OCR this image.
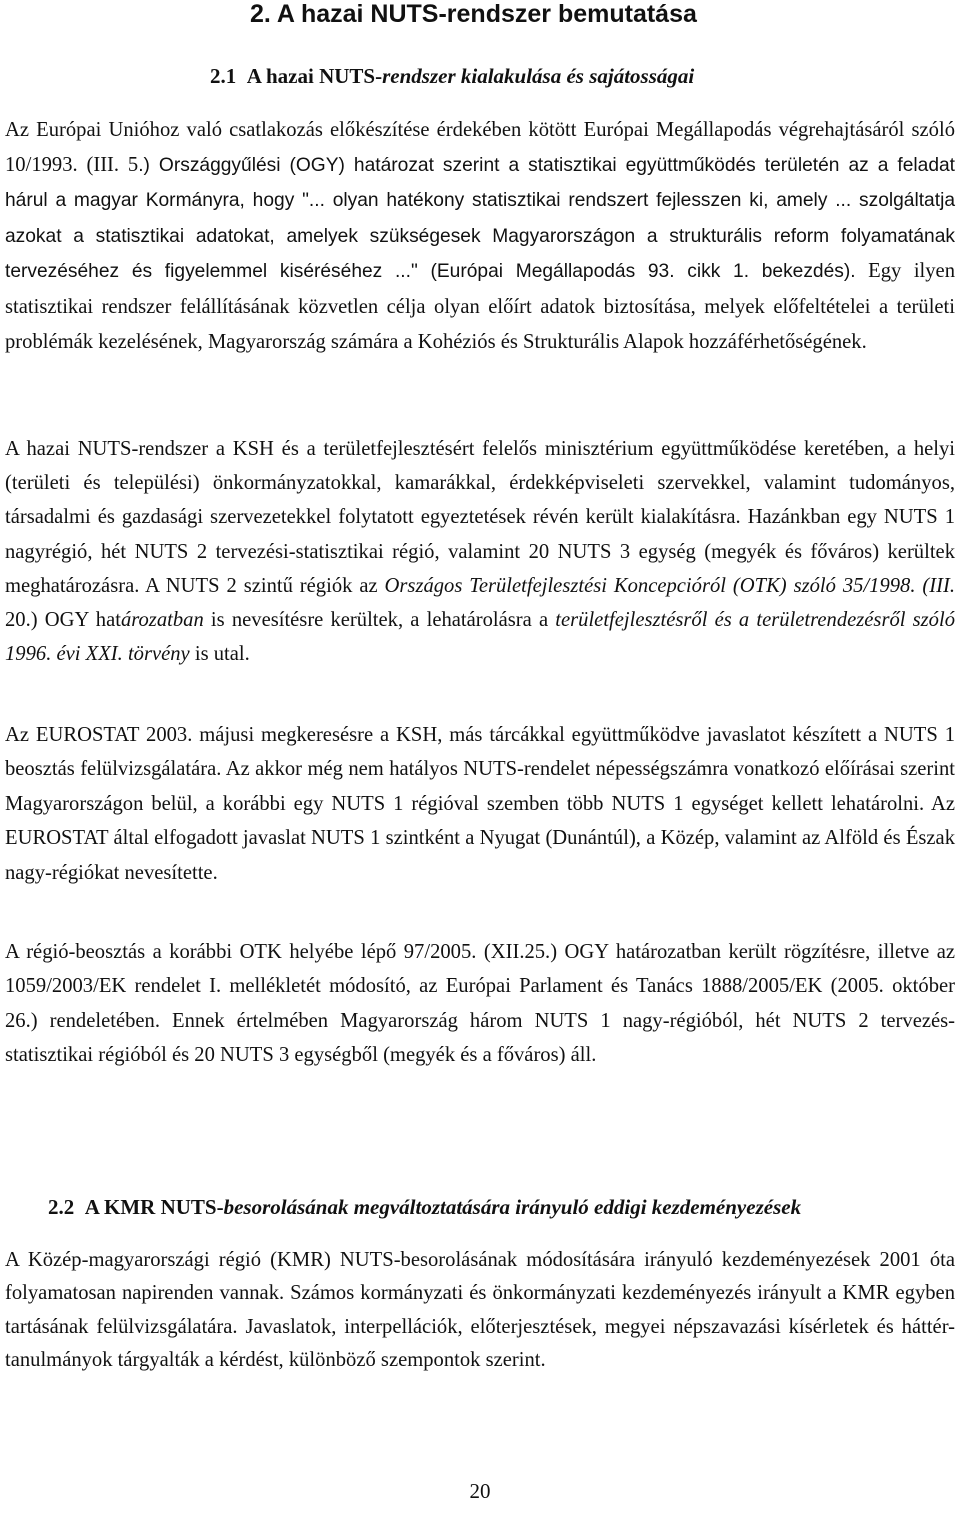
2. A hazai NUTS-rendszer bemutatása
2.1 A hazai NUTS-rendszer kialakulása és sajátosságai

Az Európai Unióhoz való csatlakozás előkészítése érdekében kötött Európai Megállapodás végrehajtásáról szóló 10/1993. (III. 5.) Országgyűlési (OGY) határozat szerint a statisztikai együttműködés területén az a feladat hárul a magyar Kormányra, hogy "... olyan hatékony statisztikai rendszert fejlesszen ki, amely ... szolgáltatja azokat a statisztikai adatokat, amelyek szükségesek Magyarországon a strukturális reform folyamatának tervezéséhez és figyelemmel kiséréséhez ..." (Európai Megállapodás 93. cikk 1. bekezdés). Egy ilyen statisztikai rendszer felállításának közvetlen célja olyan előírt adatok biztosítása, melyek előfeltételei a területi problémák kezelésének, Magyarország számára a Kohéziós és Strukturális Alapok hozzáférhetőségének.

A hazai NUTS-rendszer a KSH és a területfejlesztésért felelős minisztérium együttműködése keretében, a helyi (területi és települési) önkormányzatokkal, kamarákkal, érdekképviseleti szervekkel, valamint tudományos, társadalmi és gazdasági szervezetekkel folytatott egyeztetések révén került kialakításra. Hazánkban egy NUTS 1 nagyrégió, hét NUTS 2 tervezési-statisztikai régió, valamint 20 NUTS 3 egység (megyék és főváros) kerültek meghatározásra. A NUTS 2 szintű régiók az Országos Területfejlesztési Koncepcióról (OTK) szóló 35/1998. (III. 20.) OGY határozatban is nevesítésre kerültek, a lehatárolásra a területfejlesztésről és a területrendezésről szóló 1996. évi XXI. törvény is utal.

Az EUROSTAT 2003. májusi megkeresésre a KSH, más tárcákkal együttműködve javaslatot készített a NUTS 1 beosztás felülvizsgálatára. Az akkor még nem hatályos NUTS-rendelet népességszámra vonatkozó előírásai szerint Magyarországon belül, a korábbi egy NUTS 1 régióval szemben több NUTS 1 egységet kellett lehatárolni. Az EUROSTAT által elfogadott javaslat NUTS 1 szintként a Nyugat (Dunántúl), a Közép, valamint az Alföld és Észak nagy-régiókat nevesítette.

A régió-beosztás a korábbi OTK helyébe lépő 97/2005. (XII.25.) OGY határozatban került rögzítésre, illetve az 1059/2003/EK rendelet I. mellékletét módosító, az Európai Parlament és Tanács 1888/2005/EK (2005. október 26.) rendeletében. Ennek értelmében Magyarország három NUTS 1 nagy-régióból, hét NUTS 2 tervezés-statisztikai régióból és 20 NUTS 3 egységből (megyék és a főváros) áll.

2.2 A KMR NUTS-besorolásának megváltoztatására irányuló eddigi kezdeményezések

A Közép-magyarországi régió (KMR) NUTS-besorolásának módosítására irányuló kezdeményezések 2001 óta folyamatosan napirenden vannak. Számos kormányzati és önkormányzati kezdeményezés irányult a KMR egyben tartásának felülvizsgálatára. Javaslatok, interpellációk, előterjesztések, megyei népszavazási kísérletek és háttér-tanulmányok tárgyalták a kérdést, különböző szempontok szerint.

20
